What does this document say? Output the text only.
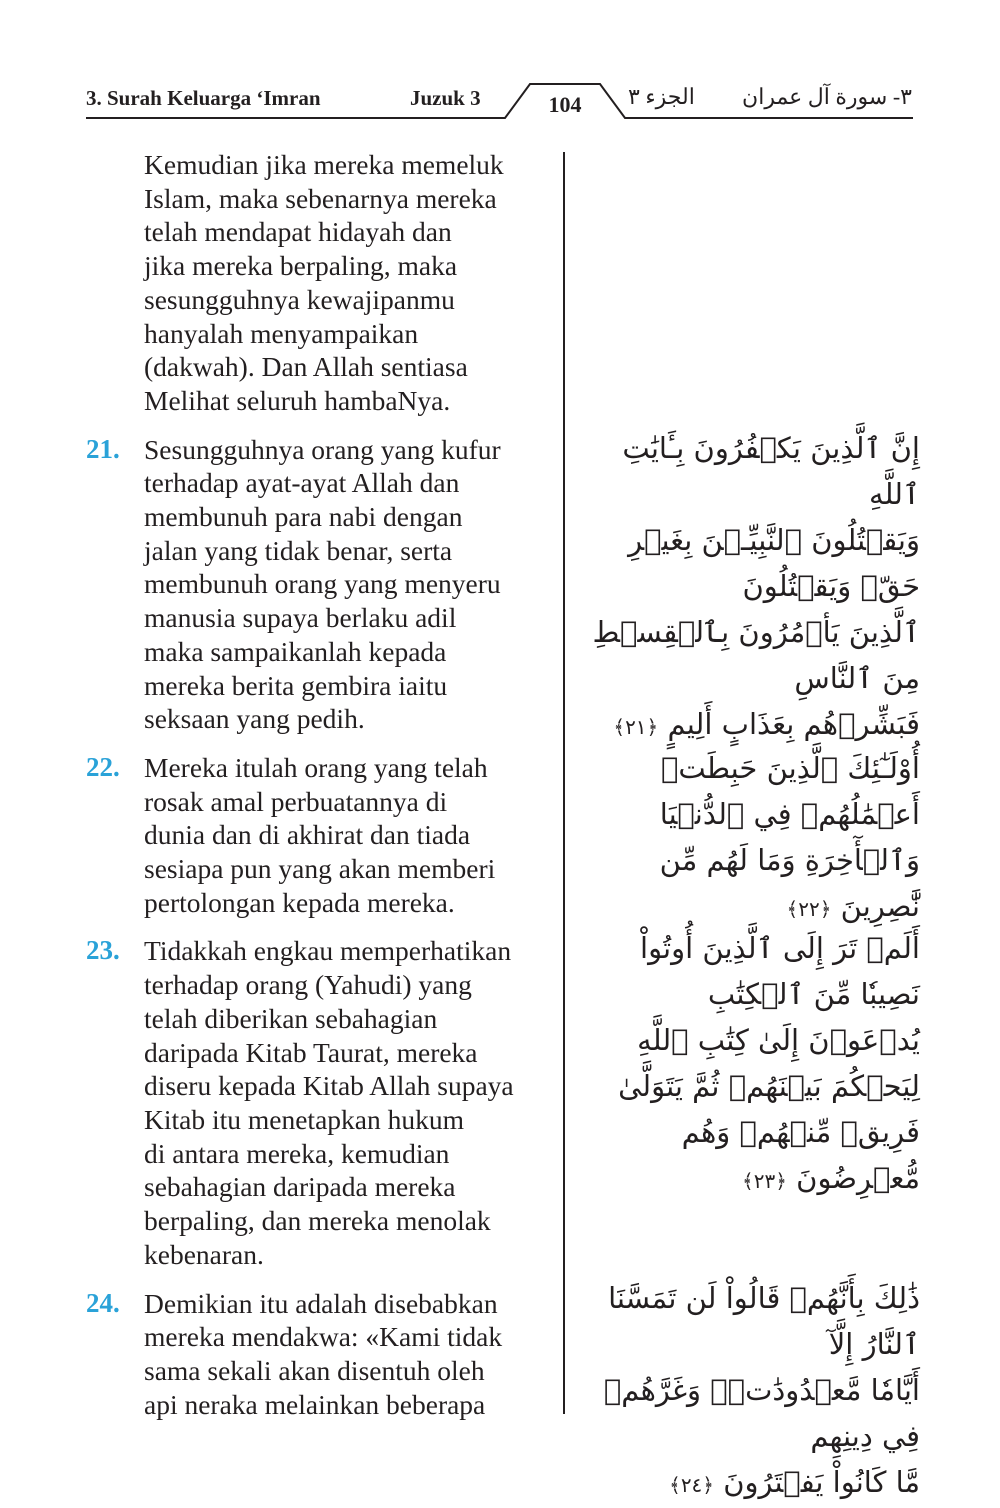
3. Surah Keluarga ‘Imran	Juzuk 3	104	الجزء ٣ ٣- سورة آل عمران
Kemudian jika mereka memeluk
Islam, maka sebenarnya mereka
telah mendapat hidayah dan
jika mereka berpaling, maka
sesungguhnya kewajipanmu
hanyalah menyampaikan
(dakwah). Dan Allah sentiasa
Melihat seluruh hambaNya.
21. Sesungguhnya orang yang kufur
terhadap ayat-ayat Allah dan
membunuh para nabi dengan
jalan yang tidak benar, serta
membunuh orang yang menyeru
manusia supaya berlaku adil
maka sampaikanlah kepada
mereka berita gembira iaitu
seksaan yang pedih.
22. Mereka itulah orang yang telah
rosak amal perbuatannya di
dunia dan di akhirat dan tiada
sesiapa pun yang akan memberi
pertolongan kepada mereka.
23. Tidakkah engkau memperhatikan
terhadap orang (Yahudi) yang
telah diberikan sebahagian
daripada Kitab Taurat, mereka
diseru kepada Kitab Allah supaya
Kitab itu menetapkan hukum
di antara mereka, kemudian
sebahagian daripada mereka
berpaling, dan mereka menolak
kebenaran.
24. Demikian itu adalah disebabkan
mereka mendakwa: «Kami tidak
sama sekali akan disentuh oleh
api neraka melainkan beberapa
إِنَّ ٱلَّذِينَ يَكۡفُرُونَ بِـَٔايَٰتِ ٱللَّهِ
وَيَقۡتُلُونَ ٱلنَّبِيِّـۧنَ بِغَيۡرِ حَقّٖ وَيَقۡتُلُونَ
ٱلَّذِينَ يَأۡمُرُونَ بِٱلۡقِسۡطِ مِنَ ٱلنَّاسِ
فَبَشِّرۡهُم بِعَذَابٍ أَلِيمٍ ﴿٢١﴾
أُوْلَـٰٓئِكَ ٱلَّذِينَ حَبِطَتۡ أَعۡمَٰلُهُمۡ فِي ٱلدُّنۡيَا
وَٱلۡأٓخِرَةِ وَمَا لَهُم مِّن نَّٰصِرِينَ ﴿٢٢﴾
أَلَمۡ تَرَ إِلَى ٱلَّذِينَ أُوتُواْ نَصِيبٗا مِّنَ ٱلۡكِتَٰبِ
يُدۡعَوۡنَ إِلَىٰ كِتَٰبِ ٱللَّهِ لِيَحۡكُمَ بَيۡنَهُمۡ ثُمَّ يَتَوَلَّىٰ
فَرِيقٞ مِّنۡهُمۡ وَهُم مُّعۡرِضُونَ ﴿٢٣﴾
ذَٰلِكَ بِأَنَّهُمۡ قَالُواْ لَن تَمَسَّنَا ٱلنَّارُ إِلَّآ
أَيَّامٗا مَّعۡدُودَٰتٖۖ وَغَرَّهُمۡ فِي دِينِهِم
مَّا كَانُواْ يَفۡتَرُونَ ﴿٢٤﴾
